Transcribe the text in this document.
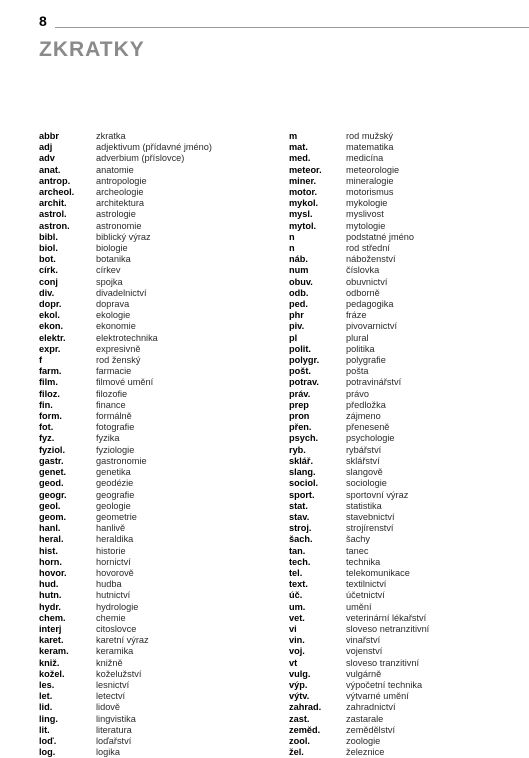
8
ZKRATKY
abbr	zkratka
adj	adjektivum (přídavné jméno)
adv	adverbium (příslovce)
anat.	anatomie
antrop.	antropologie
archeol.	archeologie
archit.	architektura
astrol.	astrologie
astron.	astronomie
bibl.	biblický výraz
biol.	biologie
bot.	botanika
círk.	církev
conj	spojka
div.	divadelnictví
dopr.	doprava
ekol.	ekologie
ekon.	ekonomie
elektr.	elektrotechnika
expr.	expresivně
f	rod ženský
farm.	farmacie
film.	filmové umění
filoz.	filozofie
fin.	finance
form.	formálně
fot.	fotografie
fyz.	fyzika
fyziol.	fyziologie
gastr.	gastronomie
genet.	genetika
geod.	geodézie
geogr.	geografie
geol.	geologie
geom.	geometrie
hanl.	hanlivě
heral.	heraldika
hist.	historie
horn.	hornictví
hovor.	hovorově
hud.	hudba
hutn.	hutnictví
hydr.	hydrologie
chem.	chemie
interj	citoslovce
karet.	karetní výraz
keram.	keramika
kniž.	knižně
kožel.	koželužství
les.	lesnictví
let.	letectví
lid.	lidově
ling.	lingvistika
lit.	literatura
loď.	loďařství
log.	logika
m	rod mužský
mat.	matematika
med.	medicína
meteor.	meteorologie
miner.	mineralogie
motor.	motorismus
mykol.	mykologie
mysl.	myslivost
mytol.	mytologie
n	podstatné jméno
n	rod střední
náb.	náboženství
num	číslovka
obuv.	obuvnictví
odb.	odborně
ped.	pedagogika
phr	fráze
piv.	pivovarnictví
pl	plural
polit.	politika
polygr.	polygrafie
pošt.	pošta
potrav.	potravinářství
práv.	právo
prep	předložka
pron	zájmeno
přen.	přeneseně
psych.	psychologie
ryb.	rybářství
sklář.	sklářství
slang.	slangově
sociol.	sociologie
sport.	sportovní výraz
stat.	statistika
stav.	stavebnictví
stroj.	strojírenství
šach.	šachy
tan.	tanec
tech.	technika
tel.	telekomunikace
text.	textilnictví
úč.	účetnictví
um.	umění
vet.	veterinární lékařství
vi	sloveso netranzitivní
vin.	vinařství
voj.	vojenství
vt	sloveso tranzitivní
vulg.	vulgárně
výp.	výpočetní technika
výtv.	výtvarné umění
zahrad.	zahradnictví
zast.	zastarale
zeměd.	zemědělství
zool.	zoologie
žel.	železnice
